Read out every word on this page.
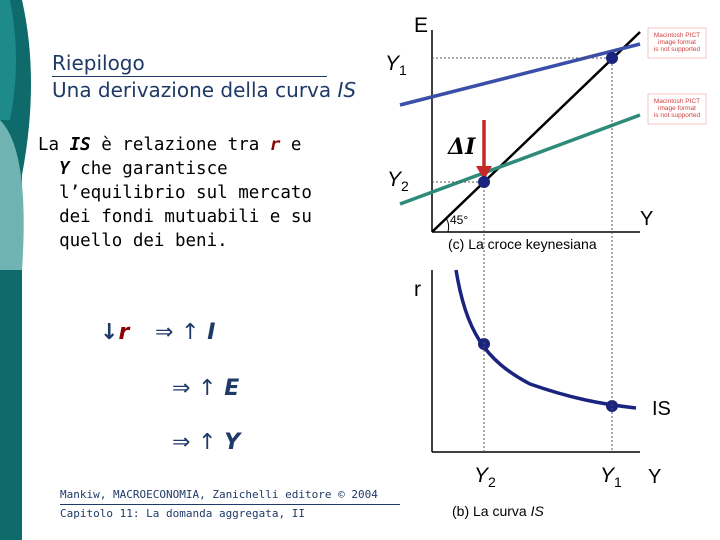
Riepilogo
Una derivazione della curva IS
La IS è relazione tra r e
Y che garantisce
l’equilibrio sul mercato
dei fondi mutuabili e su
quello dei beni.
↓r ⇒ ↑ I
⇒ ↑ E
⇒ ↑ Y
Mankiw, MACROECONOMIA, Zanichelli editore © 2004
Capitolo 11: La domanda aggregata, II
Macintosh PICT
image format
is not supported
Macintosh PICT
image format
is not supported
E
$Y_1$
$Y_2$
ΔI
45°	Y
(c) La croce keynesiana
r
IS
$Y_2$	$Y_1$ Y
(b) La curva IS
